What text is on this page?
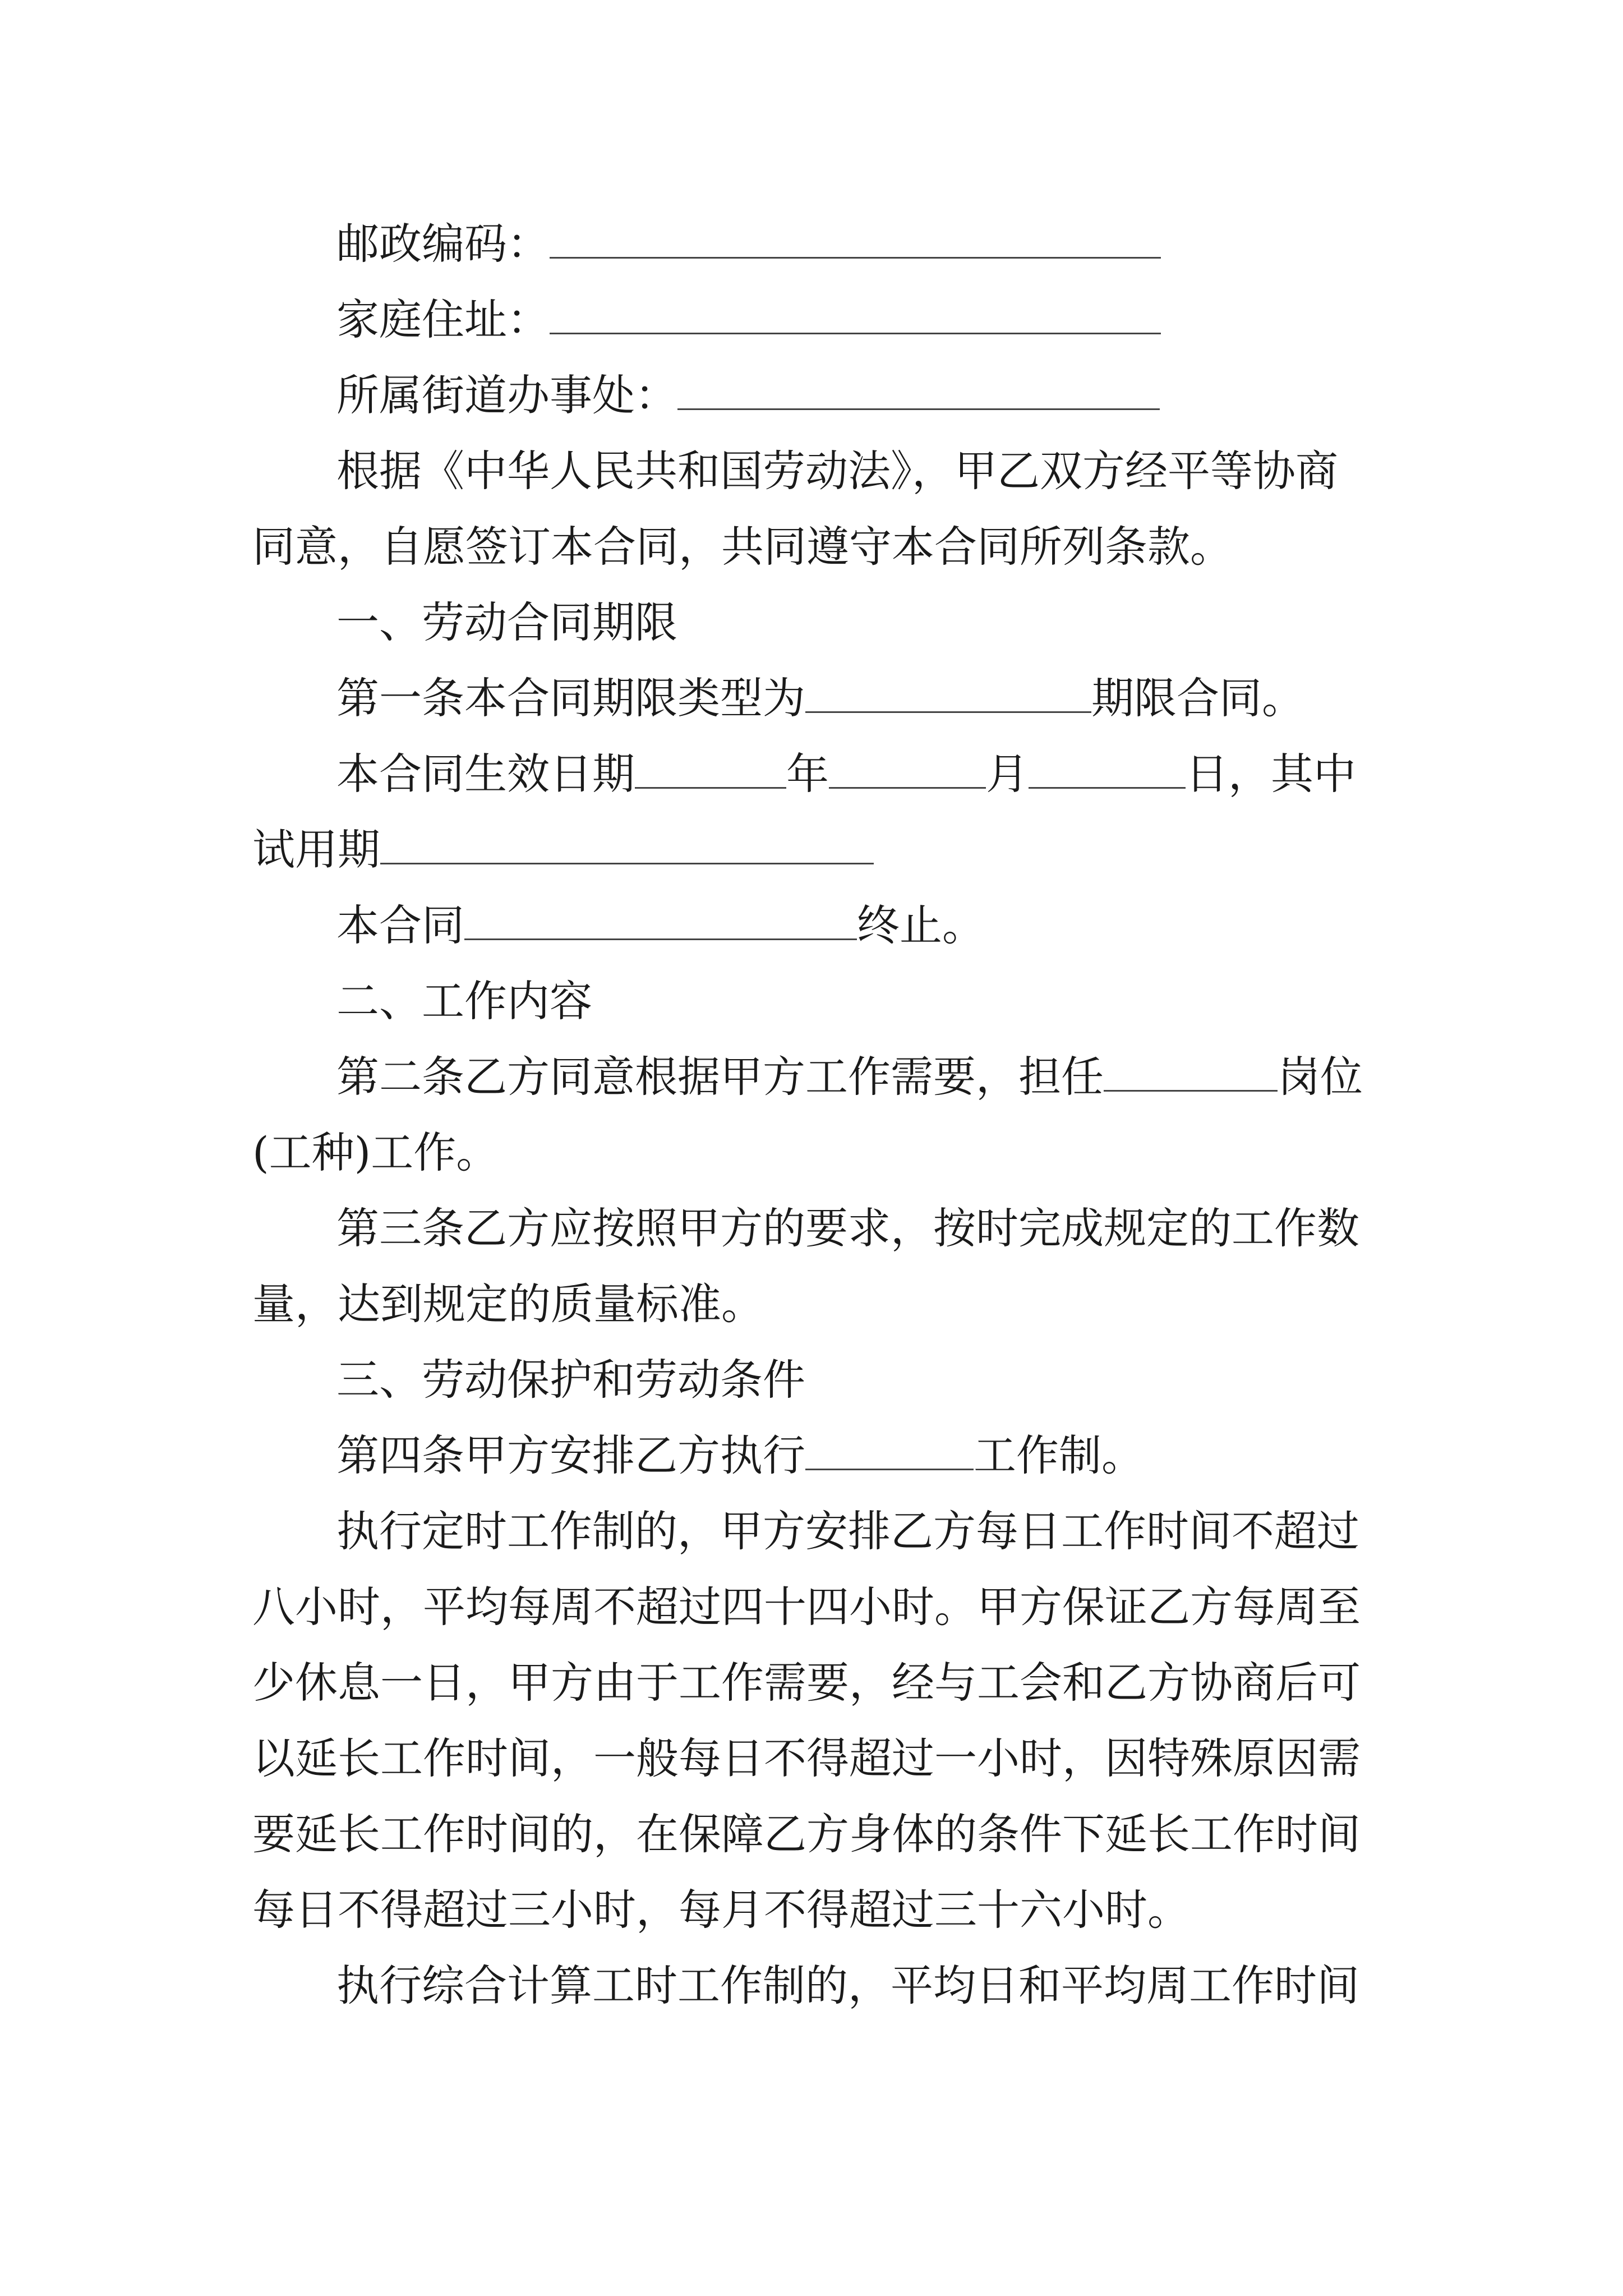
邮政编码：
家庭住址：
所属街道办事处：
根据《中华人民共和国劳动法》，甲乙双方经平等协商
同意，自愿签订本合同，共同遵守本合同所列条款。
一、劳动合同期限
第一条本合同期限类型为	期限合同。
本合同生效日期	年	月	日，其中
试用期
本合同	终止。
二、工作内容
第二条乙方同意根据甲方工作需要，担任	岗位
(工种)工作。
第三条乙方应按照甲方的要求，按时完成规定的工作数
量，达到规定的质量标准。
三、劳动保护和劳动条件
第四条甲方安排乙方执行	工作制。
执行定时工作制的，甲方安排乙方每日工作时间不超过
八小时，平均每周不超过四十四小时。甲方保证乙方每周至
少休息一日，甲方由于工作需要，经与工会和乙方协商后可
以延长工作时间，一般每日不得超过一小时，因特殊原因需
要延长工作时间的，在保障乙方身体的条件下延长工作时间
每日不得超过三小时，每月不得超过三十六小时。
执行综合计算工时工作制的，平均日和平均周工作时间
